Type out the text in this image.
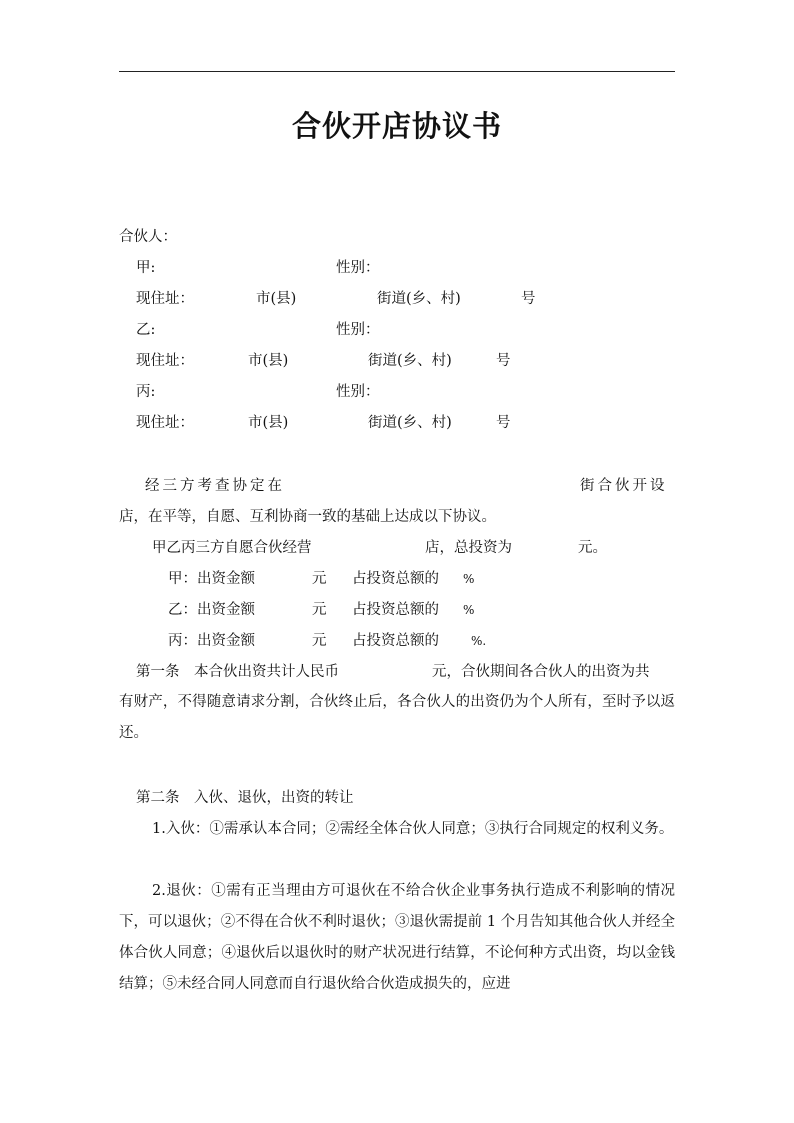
合伙开店协议书
合伙人：
甲:	性别：
现住址：	市(县)	街道(乡、村)	号
乙:	性别：
现住址：	市(县)	街道(乡、村)	号
丙:	性别：
现住址：	市(县)	街道(乡、村)	号
经三方考查协定在	街合伙开设
店，在平等，自愿、互利协商一致的基础上达成以下协议。
甲乙丙三方自愿合伙经营	店，总投资为	元。
甲：出资金额	元 占投资总额的 %
乙：出资金额	元 占投资总额的 %
丙：出资金额	元 占投资总额的	%.
第一条　本合伙出资共计人民币	元，合伙期间各合伙人的出资为共
有财产，不得随意请求分割，合伙终止后，各合伙人的出资仍为个人所有，至时予以返还。
第二条　入伙、退伙，出资的转让
1.入伙：①需承认本合同；②需经全体合伙人同意；③执行合同规定的权利义务。
2.退伙：①需有正当理由方可退伙在不给合伙企业事务执行造成不利影响的情况下，可以退伙；②不得在合伙不利时退伙；③退伙需提前 1 个月告知其他合伙人并经全体合伙人同意；④退伙后以退伙时的财产状况进行结算，不论何种方式出资，均以金钱结算；⑤未经合同人同意而自行退伙给合伙造成损失的，应进
